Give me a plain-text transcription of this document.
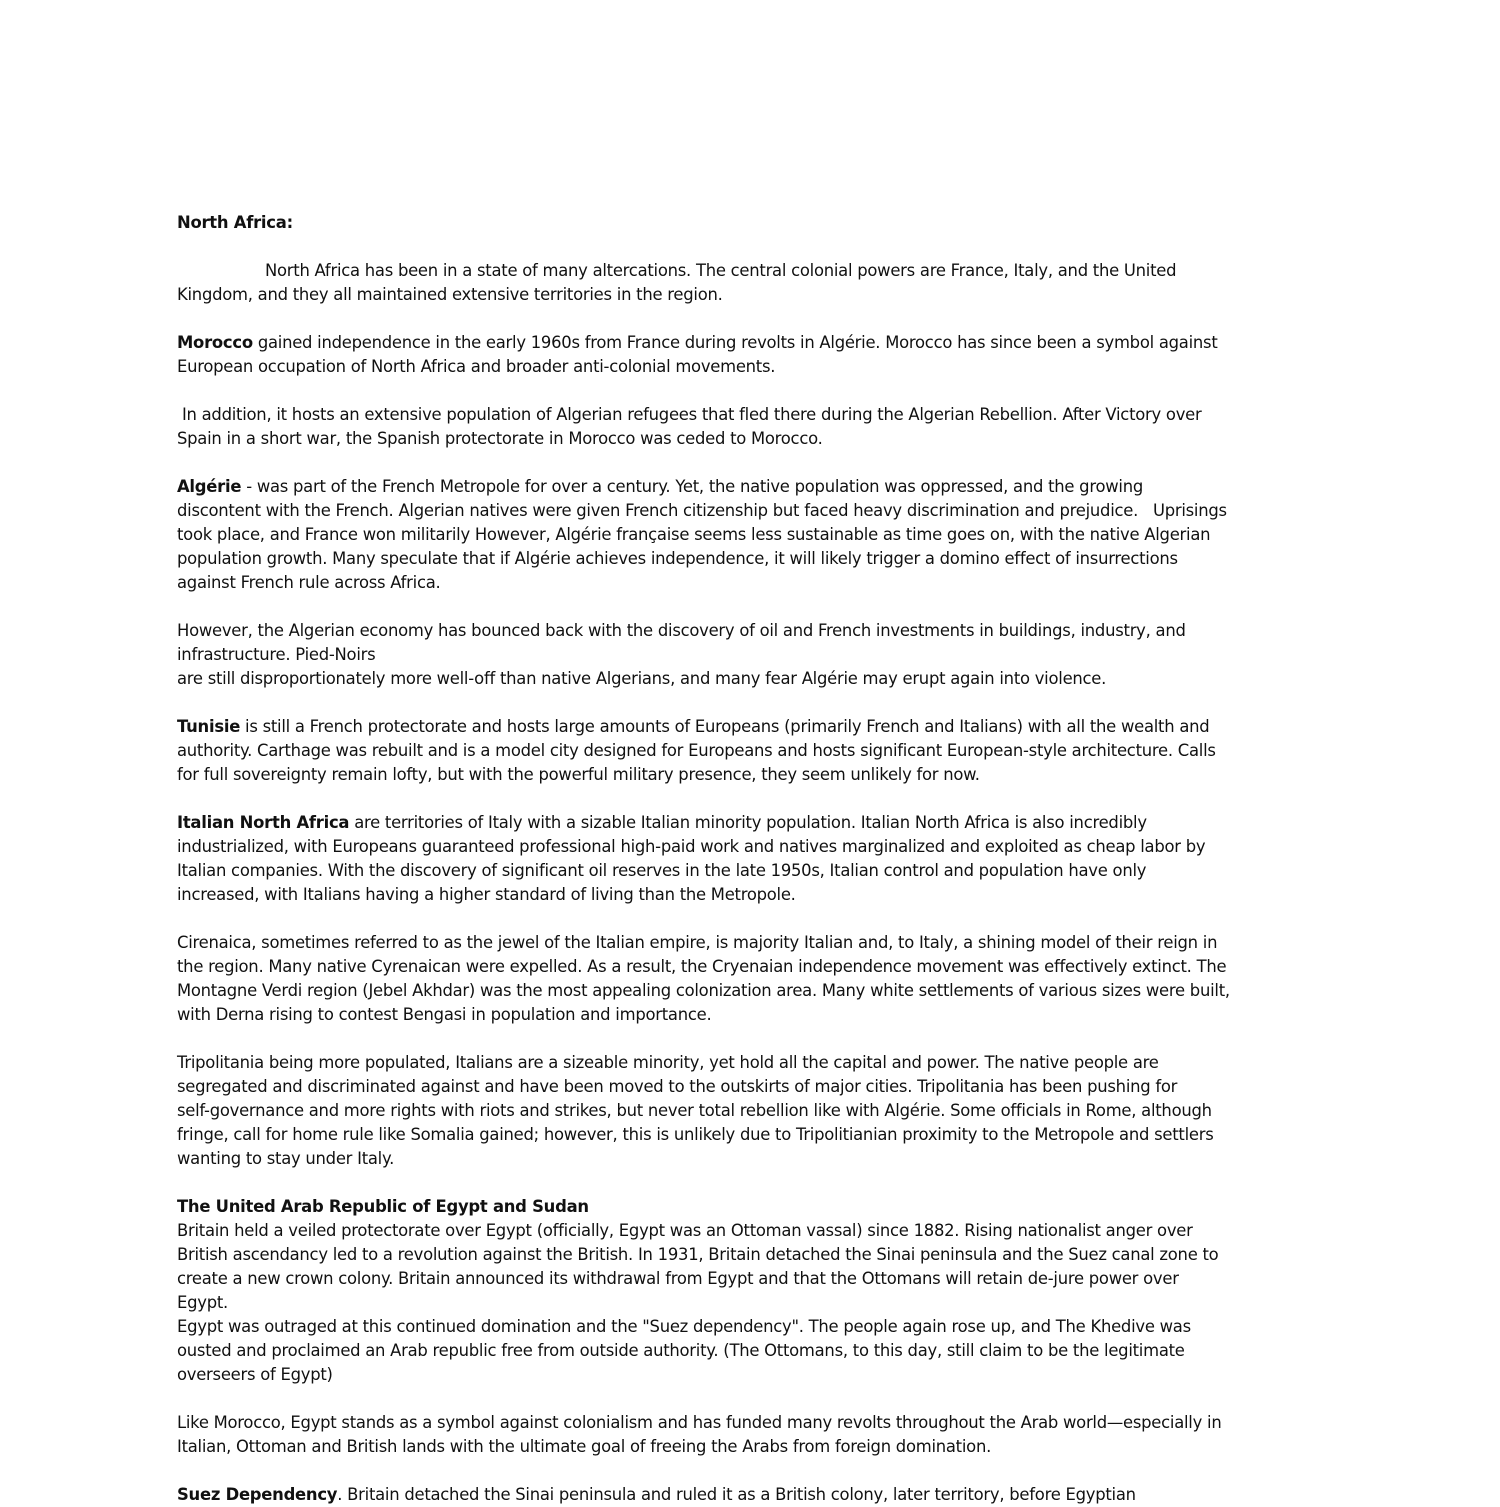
North Africa:
North Africa has been in a state of many altercations. The central colonial powers are France, Italy, and the United
Kingdom, and they all maintained extensive territories in the region.
Morocco gained independence in the early 1960s from France during revolts in Algérie. Morocco has since been a symbol against
European occupation of North Africa and broader anti-colonial movements.
In addition, it hosts an extensive population of Algerian refugees that fled there during the Algerian Rebellion. After Victory over
Spain in a short war, the Spanish protectorate in Morocco was ceded to Morocco.
Algérie - was part of the French Metropole for over a century. Yet, the native population was oppressed, and the growing
discontent with the French. Algerian natives were given French citizenship but faced heavy discrimination and prejudice.   Uprisings
took place, and France won militarily However, Algérie française seems less sustainable as time goes on, with the native Algerian
population growth. Many speculate that if Algérie achieves independence, it will likely trigger a domino effect of insurrections
against French rule across Africa.
However, the Algerian economy has bounced back with the discovery of oil and French investments in buildings, industry, and
infrastructure. Pied-Noirs
are still disproportionately more well-off than native Algerians, and many fear Algérie may erupt again into violence.
Tunisie is still a French protectorate and hosts large amounts of Europeans (primarily French and Italians) with all the wealth and
authority. Carthage was rebuilt and is a model city designed for Europeans and hosts significant European-style architecture. Calls
for full sovereignty remain lofty, but with the powerful military presence, they seem unlikely for now.
Italian North Africa are territories of Italy with a sizable Italian minority population. Italian North Africa is also incredibly
industrialized, with Europeans guaranteed professional high-paid work and natives marginalized and exploited as cheap labor by
Italian companies. With the discovery of significant oil reserves in the late 1950s, Italian control and population have only
increased, with Italians having a higher standard of living than the Metropole.
Cirenaica, sometimes referred to as the jewel of the Italian empire, is majority Italian and, to Italy, a shining model of their reign in
the region. Many native Cyrenaican were expelled. As a result, the Cryenaian independence movement was effectively extinct. The
Montagne Verdi region (Jebel Akhdar) was the most appealing colonization area. Many white settlements of various sizes were built,
with Derna rising to contest Bengasi in population and importance.
Tripolitania being more populated, Italians are a sizeable minority, yet hold all the capital and power. The native people are
segregated and discriminated against and have been moved to the outskirts of major cities. Tripolitania has been pushing for
self-governance and more rights with riots and strikes, but never total rebellion like with Algérie. Some officials in Rome, although
fringe, call for home rule like Somalia gained; however, this is unlikely due to Tripolitianian proximity to the Metropole and settlers
wanting to stay under Italy.
The United Arab Republic of Egypt and Sudan
Britain held a veiled protectorate over Egypt (officially, Egypt was an Ottoman vassal) since 1882. Rising nationalist anger over
British ascendancy led to a revolution against the British. In 1931, Britain detached the Sinai peninsula and the Suez canal zone to
create a new crown colony. Britain announced its withdrawal from Egypt and that the Ottomans will retain de-jure power over
Egypt.
Egypt was outraged at this continued domination and the "Suez dependency". The people again rose up, and The Khedive was
ousted and proclaimed an Arab republic free from outside authority. (The Ottomans, to this day, still claim to be the legitimate
overseers of Egypt)
Like Morocco, Egypt stands as a symbol against colonialism and has funded many revolts throughout the Arab world—especially in
Italian, Ottoman and British lands with the ultimate goal of freeing the Arabs from foreign domination.
Suez Dependency. Britain detached the Sinai peninsula and ruled it as a British colony, later territory, before Egyptian
